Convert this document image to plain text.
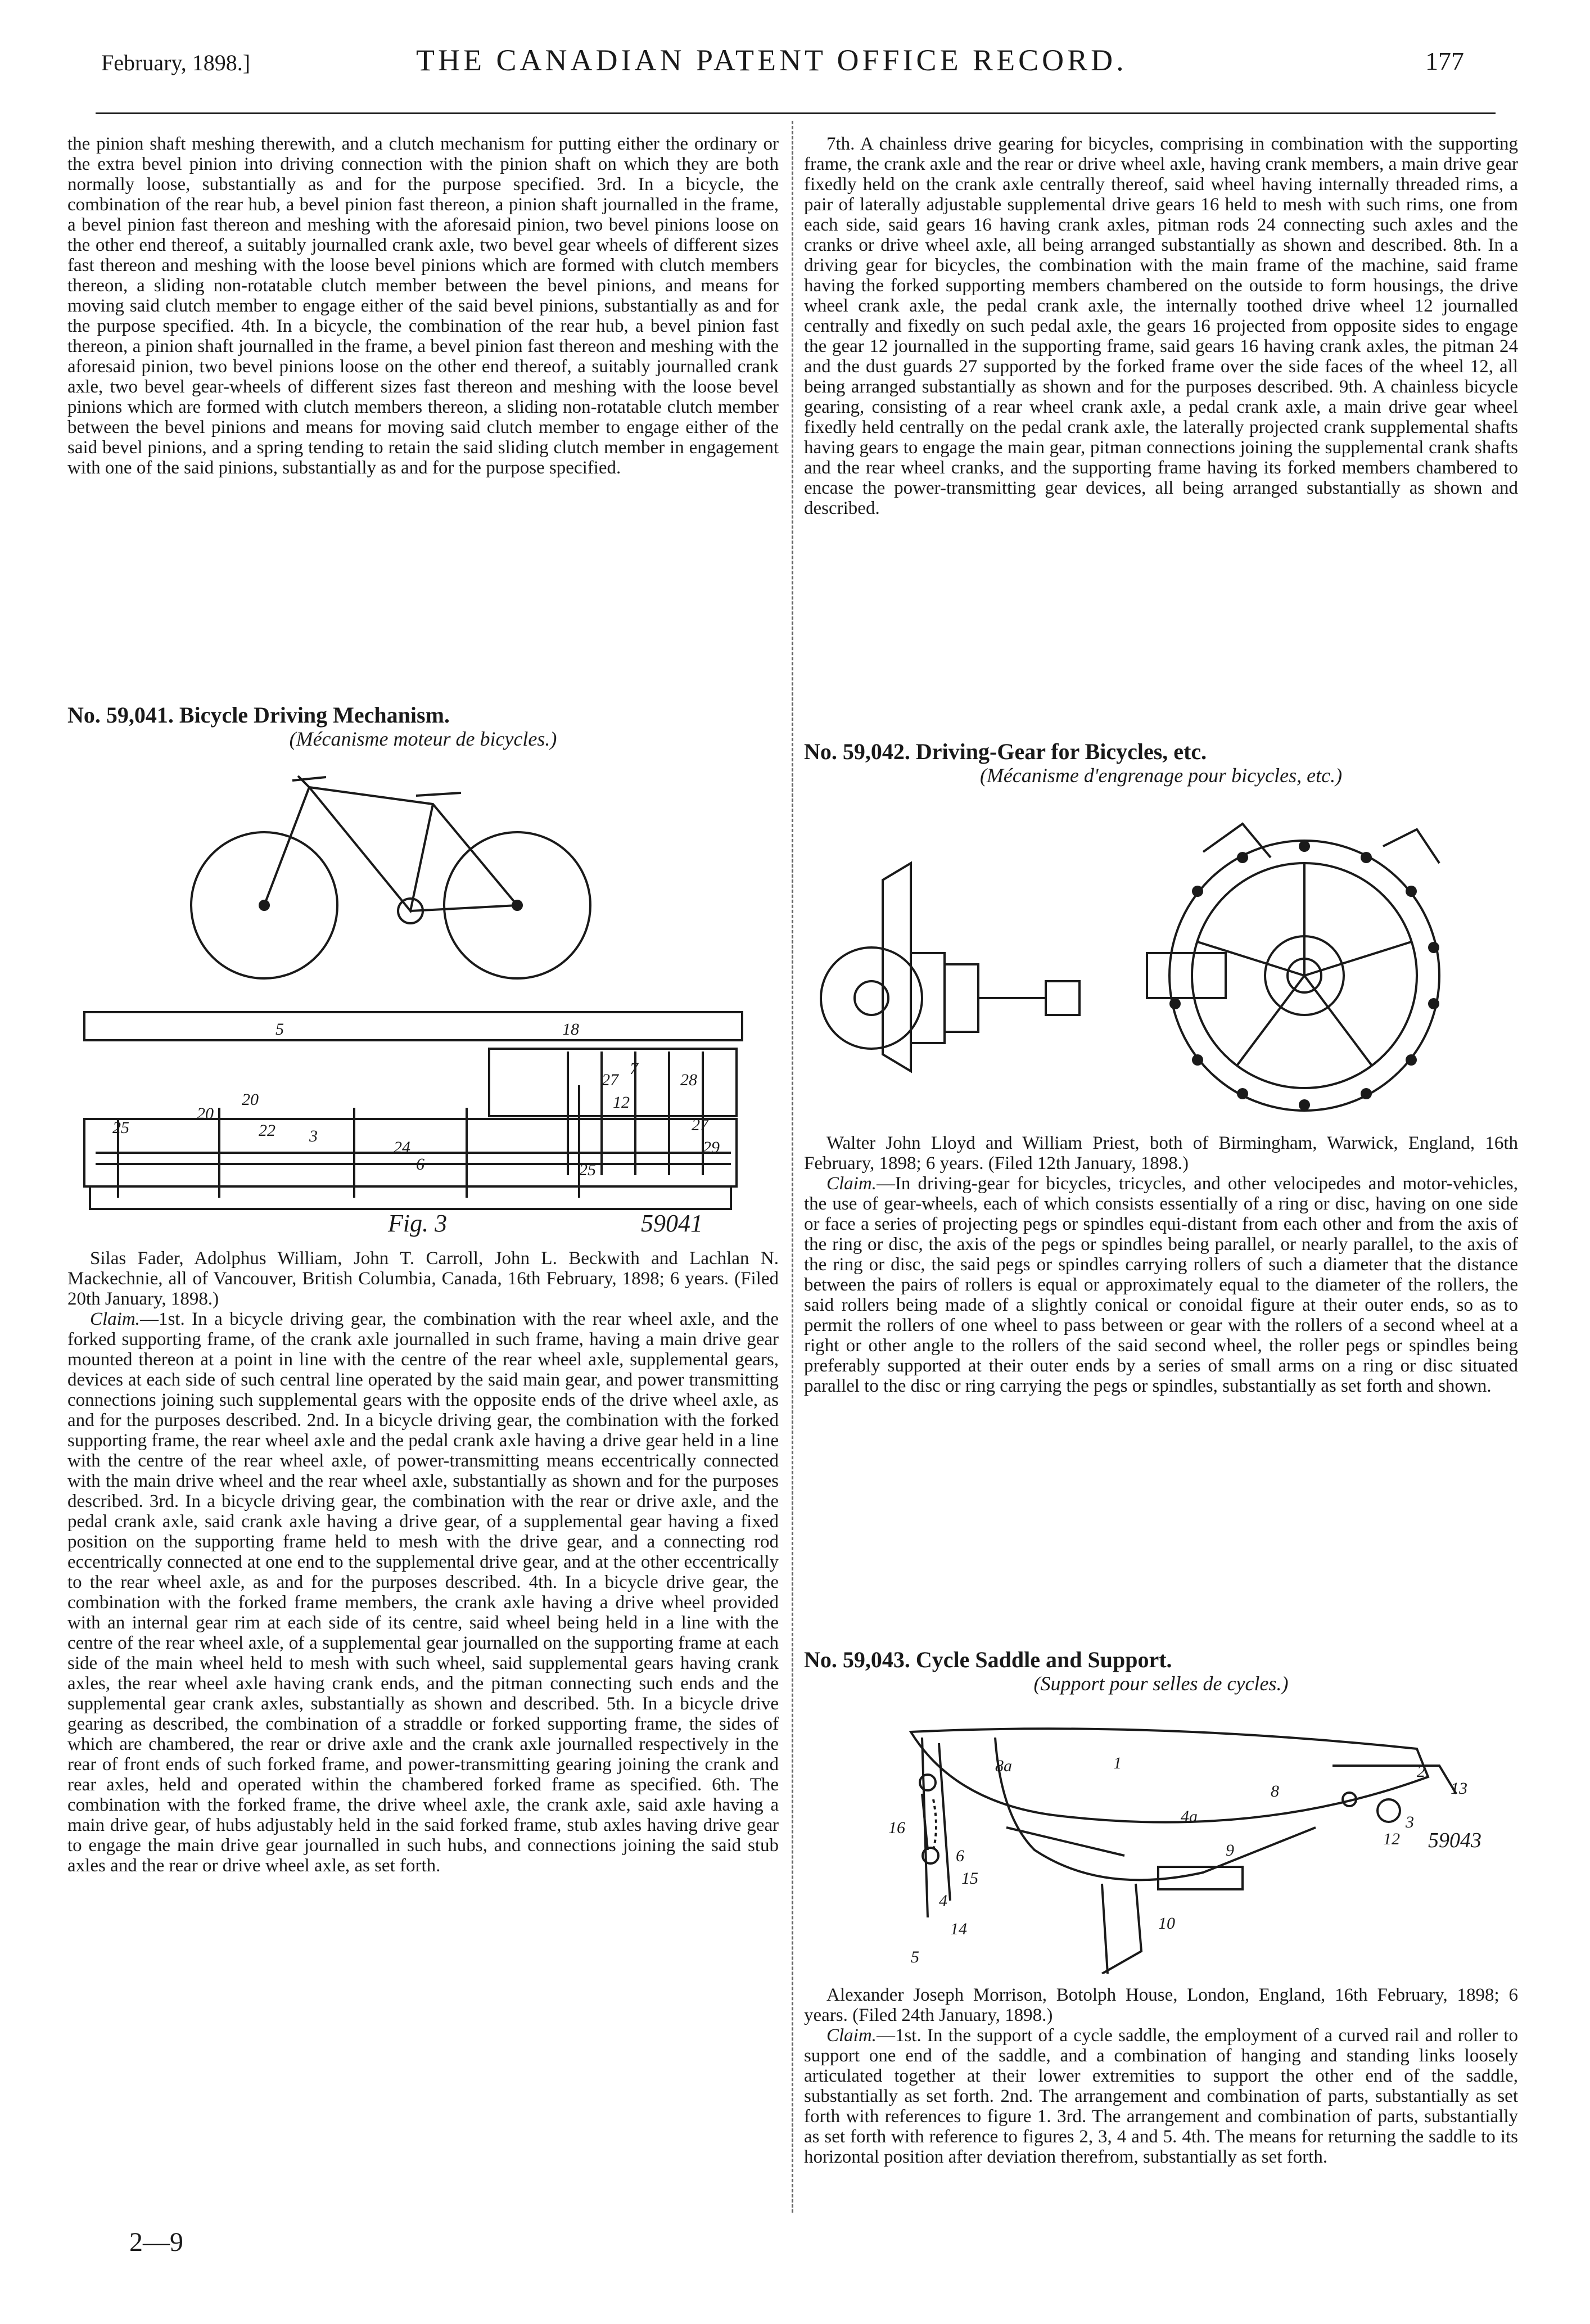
February, 1898.]	THE CANADIAN PATENT OFFICE RECORD.	177

the pinion shaft meshing therewith, and a clutch mechanism for putting either the ordinary or the extra bevel pinion into driving connection with the pinion shaft on which they are both normally loose, substantially as and for the purpose specified. 3rd. In a bicycle, the combination of the rear hub, a bevel pinion fast thereon, a pinion shaft journalled in the frame, a bevel pinion fast thereon and meshing with the aforesaid pinion, two bevel pinions loose on the other end thereof, a suitably journalled crank axle, two bevel gear wheels of different sizes fast thereon and meshing with the loose bevel pinions which are formed with clutch members thereon, a sliding non-rotatable clutch member between the bevel pinions, and means for moving said clutch member to engage either of the said bevel pinions, substantially as and for the purpose specified. 4th. In a bicycle, the combination of the rear hub, a bevel pinion fast thereon, a pinion shaft journalled in the frame, a bevel pinion fast thereon and meshing with the aforesaid pinion, two bevel pinions loose on the other end thereof, a suitably journalled crank axle, two bevel gear-wheels of different sizes fast thereon and meshing with the loose bevel pinions which are formed with clutch members thereon, a sliding non-rotatable clutch member between the bevel pinions and means for moving said clutch member to engage either of the said bevel pinions, and a spring tending to retain the said sliding clutch member in engagement with one of the said pinions, substantially as and for the purpose specified.

No. 59,041. Bicycle Driving Mechanism.

(Mécanisme moteur de bicycles.)

25
20
20
22 3
24
6
18
27
7
28
12
27
29
25
5
Fig. 3	59041

Silas Fader, Adolphus William, John T. Carroll, John L. Beckwith and Lachlan N. Mackechnie, all of Vancouver, British Columbia, Canada, 16th February, 1898; 6 years. (Filed 20th January, 1898.)

Claim.—1st. In a bicycle driving gear, the combination with the rear wheel axle, and the forked supporting frame, of the crank axle journalled in such frame, having a main drive gear mounted thereon at a point in line with the centre of the rear wheel axle, supplemental gears, devices at each side of such central line operated by the said main gear, and power transmitting connections joining such supplemental gears with the opposite ends of the drive wheel axle, as and for the purposes described. 2nd. In a bicycle driving gear, the combination with the forked supporting frame, the rear wheel axle and the pedal crank axle having a drive gear held in a line with the centre of the rear wheel axle, of power-transmitting means eccentrically connected with the main drive wheel and the rear wheel axle, substantially as shown and for the purposes described. 3rd. In a bicycle driving gear, the combination with the rear or drive axle, and the pedal crank axle, said crank axle having a drive gear, of a supplemental gear having a fixed position on the supporting frame held to mesh with the drive gear, and a connecting rod eccentrically connected at one end to the supplemental drive gear, and at the other eccentrically to the rear wheel axle, as and for the purposes described. 4th. In a bicycle drive gear, the combination with the forked frame members, the crank axle having a drive wheel provided with an internal gear rim at each side of its centre, said wheel being held in a line with the centre of the rear wheel axle, of a supplemental gear journalled on the supporting frame at each side of the main wheel held to mesh with such wheel, said supplemental gears having crank axles, the rear wheel axle having crank ends, and the pitman connecting such ends and the supplemental gear crank axles, substantially as shown and described. 5th. In a bicycle drive gearing as described, the combination of a straddle or forked supporting frame, the sides of which are chambered, the rear or drive axle and the crank axle journalled respectively in the rear of front ends of such forked frame, and power-transmitting gearing joining the crank and rear axles, held and operated within the chambered forked frame as specified. 6th. The combination with the forked frame, the drive wheel axle, the crank axle, said axle having a main drive gear, of hubs adjustably held in the said forked frame, stub axles having drive gear to engage the main drive gear journalled in such hubs, and connections joining the said stub axles and the rear or drive wheel axle, as set forth.

7th. A chainless drive gearing for bicycles, comprising in combination with the supporting frame, the crank axle and the rear or drive wheel axle, having crank members, a main drive gear fixedly held on the crank axle centrally thereof, said wheel having internally threaded rims, a pair of laterally adjustable supplemental drive gears 16 held to mesh with such rims, one from each side, said gears 16 having crank axles, pitman rods 24 connecting such axles and the cranks or drive wheel axle, all being arranged substantially as shown and described. 8th. In a driving gear for bicycles, the combination with the main frame of the machine, said frame having the forked supporting members chambered on the outside to form housings, the drive wheel crank axle, the pedal crank axle, the internally toothed drive wheel 12 journalled centrally and fixedly on such pedal axle, the gears 16 projected from opposite sides to engage the gear 12 journalled in the supporting frame, said gears 16 having crank axles, the pitman 24 and the dust guards 27 supported by the forked frame over the side faces of the wheel 12, all being arranged substantially as shown and for the purposes described. 9th. A chainless bicycle gearing, consisting of a rear wheel crank axle, a pedal crank axle, a main drive gear wheel fixedly held centrally on the pedal crank axle, the laterally projected crank supplemental shafts having gears to engage the main gear, pitman connections joining the supplemental crank shafts and the rear wheel cranks, and the supporting frame having its forked members chambered to encase the power-transmitting gear devices, all being arranged substantially as shown and described.

No. 59,042. Driving-Gear for Bicycles, etc.

(Mécanisme d'engrenage pour bicycles, etc.)

Walter John Lloyd and William Priest, both of Birmingham, Warwick, England, 16th February, 1898; 6 years. (Filed 12th January, 1898.)

Claim.—In driving-gear for bicycles, tricycles, and other velocipedes and motor-vehicles, the use of gear-wheels, each of which consists essentially of a ring or disc, having on one side or face a series of projecting pegs or spindles equi-distant from each other and from the axis of the ring or disc, the axis of the pegs or spindles being parallel, or nearly parallel, to the axis of the ring or disc, the said pegs or spindles carrying rollers of such a diameter that the distance between the pairs of rollers is equal or approximately equal to the diameter of the rollers, the said rollers being made of a slightly conical or conoidal figure at their outer ends, so as to permit the rollers of one wheel to pass between or gear with the rollers of a second wheel at a right or other angle to the rollers of the said second wheel, the roller pegs or spindles being preferably supported at their outer ends by a series of small arms on a ring or disc situated parallel to the disc or ring carrying the pegs or spindles, substantially as set forth and shown.

No. 59,043. Cycle Saddle and Support.

(Support pour selles de cycles.)

8a	1
8
16
6
15
4
14
4a
2
13
3
12
9
10
5
59043

Alexander Joseph Morrison, Botolph House, London, England, 16th February, 1898; 6 years. (Filed 24th January, 1898.)

Claim.—1st. In the support of a cycle saddle, the employment of a curved rail and roller to support one end of the saddle, and a combination of hanging and standing links loosely articulated together at their lower extremities to support the other end of the saddle, substantially as set forth. 2nd. The arrangement and combination of parts, substantially as set forth with references to figure 1. 3rd. The arrangement and combination of parts, substantially as set forth with reference to figures 2, 3, 4 and 5. 4th. The means for returning the saddle to its horizontal position after deviation therefrom, substantially as set forth.

2—9
